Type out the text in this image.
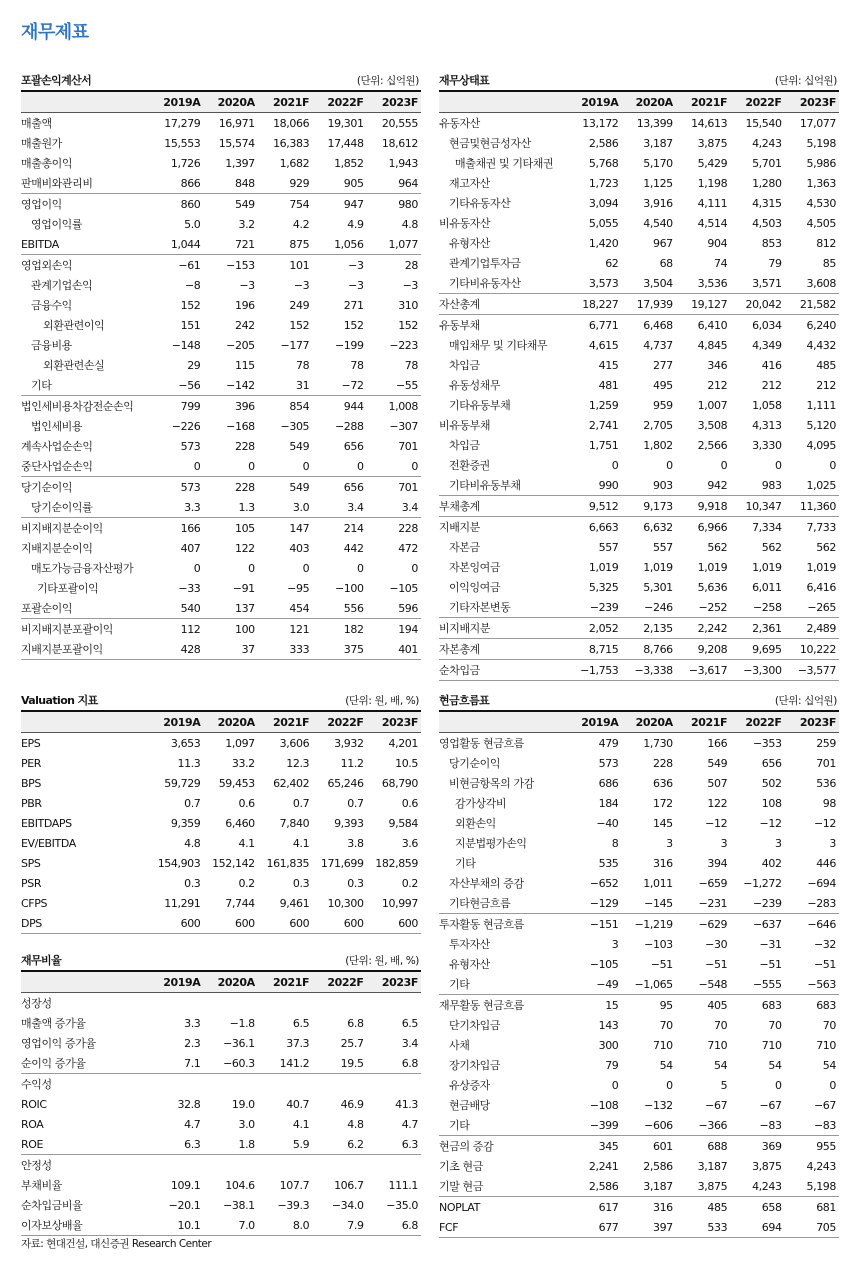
재무제표
포괄손익계산서	(단위: 십억원)
	2019A	2020A	2021F	2022F	2023F
매출액	17,279	16,971	18,066	19,301	20,555
매출원가	15,553	15,574	16,383	17,448	18,612
매출총이익	1,726	1,397	1,682	1,852	1,943
판매비와관리비	866	848	929	905	964
영업이익	860	549	754	947	980
영업이익률	5.0	3.2	4.2	4.9	4.8
EBITDA	1,044	721	875	1,056	1,077
영업외손익	−61	−153	101	−3	28
관계기업손익	−8	−3	−3	−3	−3
금융수익	152	196	249	271	310
외환관련이익	151	242	152	152	152
금융비용	−148	−205	−177	−199	−223
외환관련손실	29	115	78	78	78
기타	−56	−142	31	−72	−55
법인세비용차감전순손익	799	396	854	944	1,008
법인세비용	−226	−168	−305	−288	−307
계속사업순손익	573	228	549	656	701
중단사업순손익	0	0	0	0	0
당기순이익	573	228	549	656	701
당기순이익률	3.3	1.3	3.0	3.4	3.4
비지배지분순이익	166	105	147	214	228
지배지분순이익	407	122	403	442	472
매도가능금융자산평가	0	0	0	0	0
기타포괄이익	−33	−91	−95	−100	−105
포괄순이익	540	137	454	556	596
비지배지분포괄이익	112	100	121	182	194
지배지분포괄이익	428	37	333	375	401
재무상태표	(단위: 십억원)
	2019A	2020A	2021F	2022F	2023F
유동자산	13,172	13,399	14,613	15,540	17,077
현금및현금성자산	2,586	3,187	3,875	4,243	5,198
매출채권 및 기타채권	5,768	5,170	5,429	5,701	5,986
재고자산	1,723	1,125	1,198	1,280	1,363
기타유동자산	3,094	3,916	4,111	4,315	4,530
비유동자산	5,055	4,540	4,514	4,503	4,505
유형자산	1,420	967	904	853	812
관계기업투자금	62	68	74	79	85
기타비유동자산	3,573	3,504	3,536	3,571	3,608
자산총계	18,227	17,939	19,127	20,042	21,582
유동부채	6,771	6,468	6,410	6,034	6,240
매입채무 및 기타채무	4,615	4,737	4,845	4,349	4,432
차입금	415	277	346	416	485
유동성채무	481	495	212	212	212
기타유동부채	1,259	959	1,007	1,058	1,111
비유동부채	2,741	2,705	3,508	4,313	5,120
차입금	1,751	1,802	2,566	3,330	4,095
전환증권	0	0	0	0	0
기타비유동부채	990	903	942	983	1,025
부채총계	9,512	9,173	9,918	10,347	11,360
지배지분	6,663	6,632	6,966	7,334	7,733
자본금	557	557	562	562	562
자본잉여금	1,019	1,019	1,019	1,019	1,019
이익잉여금	5,325	5,301	5,636	6,011	6,416
기타자본변동	−239	−246	−252	−258	−265
비지배지분	2,052	2,135	2,242	2,361	2,489
자본총계	8,715	8,766	9,208	9,695	10,222
순차입금	−1,753	−3,338	−3,617	−3,300	−3,577
Valuation 지표	(단위: 원, 배, %)
	2019A	2020A	2021F	2022F	2023F
EPS	3,653	1,097	3,606	3,932	4,201
PER	11.3	33.2	12.3	11.2	10.5
BPS	59,729	59,453	62,402	65,246	68,790
PBR	0.7	0.6	0.7	0.7	0.6
EBITDAPS	9,359	6,460	7,840	9,393	9,584
EV/EBITDA	4.8	4.1	4.1	3.8	3.6
SPS	154,903	152,142	161,835	171,699	182,859
PSR	0.3	0.2	0.3	0.3	0.2
CFPS	11,291	7,744	9,461	10,300	10,997
DPS	600	600	600	600	600
재무비율	(단위: 원, 배, %)
	2019A	2020A	2021F	2022F	2023F
성장성					
매출액 증가율	3.3	−1.8	6.5	6.8	6.5
영업이익 증가율	2.3	−36.1	37.3	25.7	3.4
순이익 증가율	7.1	−60.3	141.2	19.5	6.8
수익성					
ROIC	32.8	19.0	40.7	46.9	41.3
ROA	4.7	3.0	4.1	4.8	4.7
ROE	6.3	1.8	5.9	6.2	6.3
안정성					
부채비율	109.1	104.6	107.7	106.7	111.1
순차입금비율	−20.1	−38.1	−39.3	−34.0	−35.0
이자보상배율	10.1	7.0	8.0	7.9	6.8
현금흐름표	(단위: 십억원)
	2019A	2020A	2021F	2022F	2023F
영업활동 현금흐름	479	1,730	166	−353	259
당기순이익	573	228	549	656	701
비현금항목의 가감	686	636	507	502	536
감가상각비	184	172	122	108	98
외환손익	−40	145	−12	−12	−12
지분법평가손익	8	3	3	3	3
기타	535	316	394	402	446
자산부채의 증감	−652	1,011	−659	−1,272	−694
기타현금흐름	−129	−145	−231	−239	−283
투자활동 현금흐름	−151	−1,219	−629	−637	−646
투자자산	3	−103	−30	−31	−32
유형자산	−105	−51	−51	−51	−51
기타	−49	−1,065	−548	−555	−563
재무활동 현금흐름	15	95	405	683	683
단기차입금	143	70	70	70	70
사채	300	710	710	710	710
장기차입금	79	54	54	54	54
유상증자	0	0	5	0	0
현금배당	−108	−132	−67	−67	−67
기타	−399	−606	−366	−83	−83
현금의 증감	345	601	688	369	955
기초 현금	2,241	2,586	3,187	3,875	4,243
기말 현금	2,586	3,187	3,875	4,243	5,198
NOPLAT	617	316	485	658	681
FCF	677	397	533	694	705
자료: 현대건설, 대신증권 Research Center
